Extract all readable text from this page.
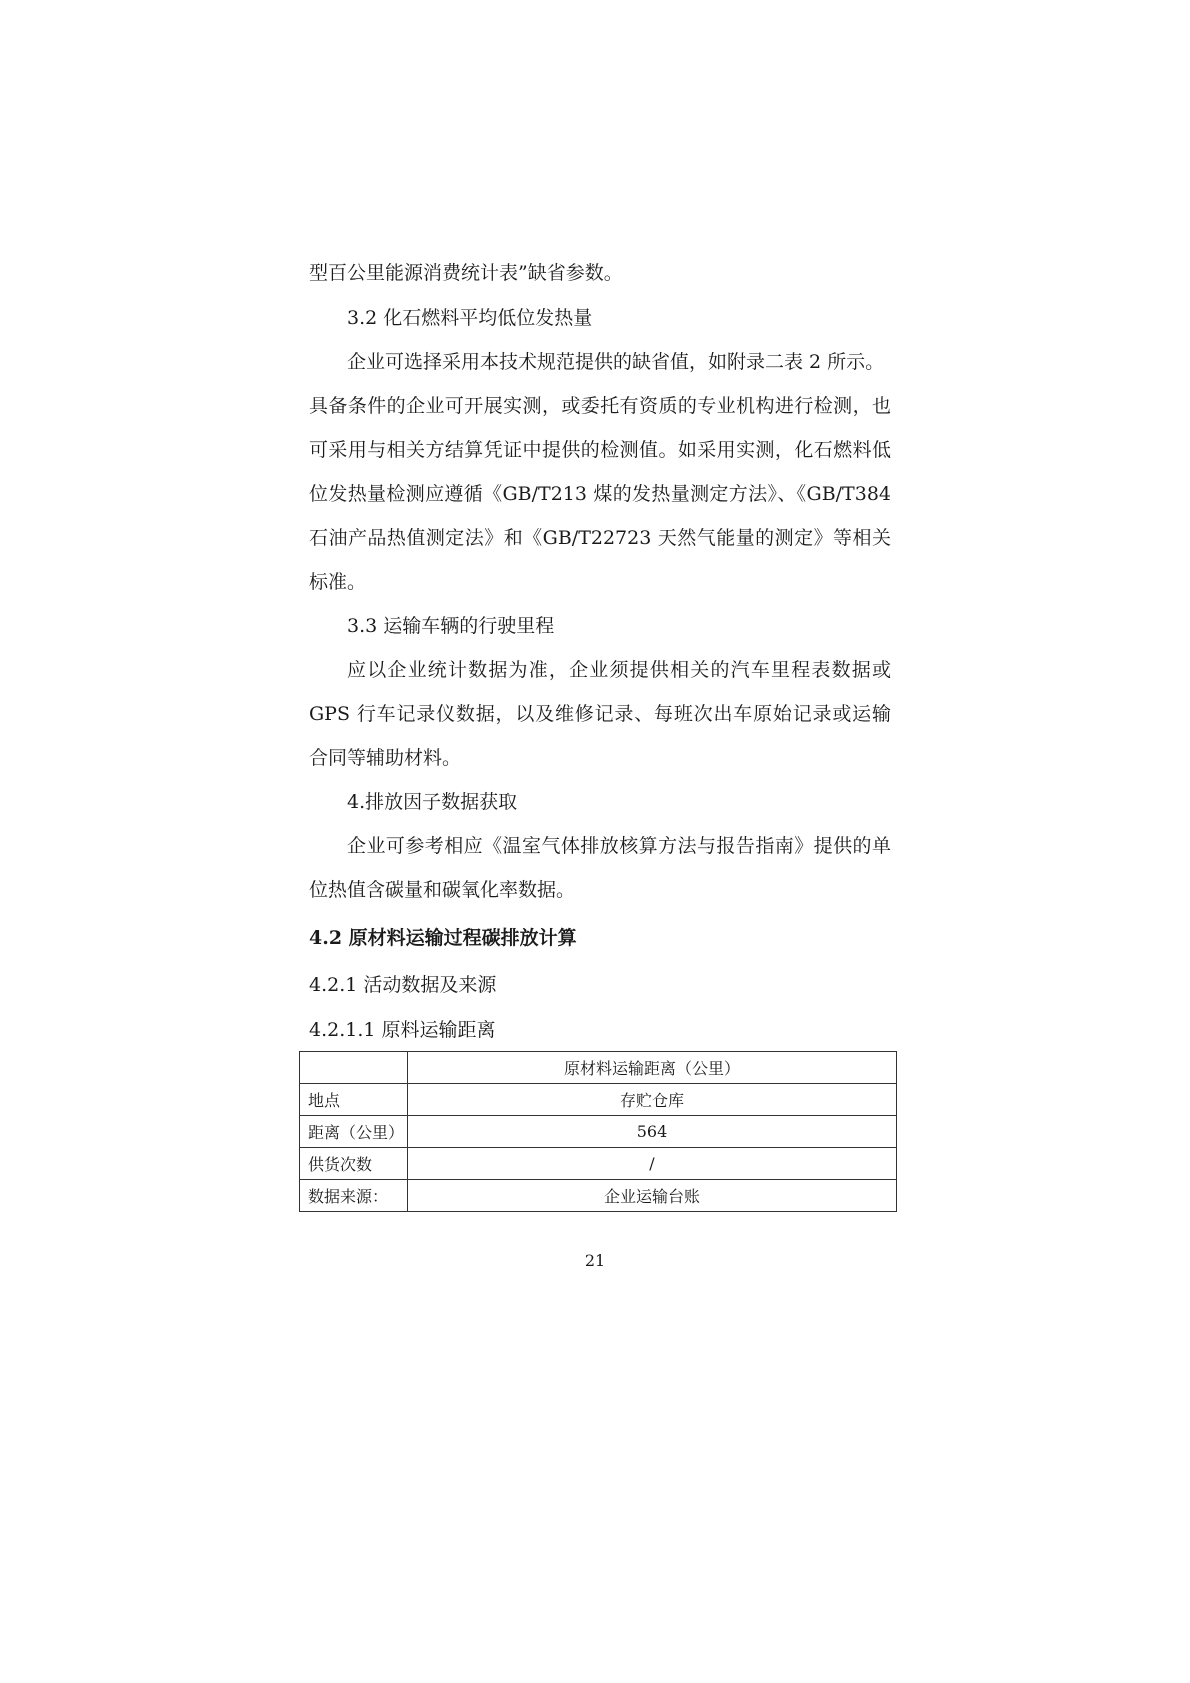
型百公里能源消费统计表”缺省参数。
3.2 化石燃料平均低位发热量
企业可选择采用本技术规范提供的缺省值，如附录二表 2 所示。
具备条件的企业可开展实测，或委托有资质的专业机构进行检测，也
可采用与相关方结算凭证中提供的检测值。如采用实测，化石燃料低
位发热量检测应遵循《GB/T213 煤的发热量测定方法》、《GB/T384
石油产品热值测定法》和《GB/T22723 天然气能量的测定》等相关
标准。
3.3 运输车辆的行驶里程
应以企业统计数据为准，企业须提供相关的汽车里程表数据或
GPS 行车记录仪数据，以及维修记录、每班次出车原始记录或运输
合同等辅助材料。
4.排放因子数据获取
企业可参考相应《温室气体排放核算方法与报告指南》提供的单
位热值含碳量和碳氧化率数据。
4.2 原材料运输过程碳排放计算
4.2.1 活动数据及来源
4.2.1.1 原料运输距离
	原材料运输距离（公里）
地点	存贮仓库
距离（公里）	564
供货次数	/
数据来源：	企业运输台账
21
